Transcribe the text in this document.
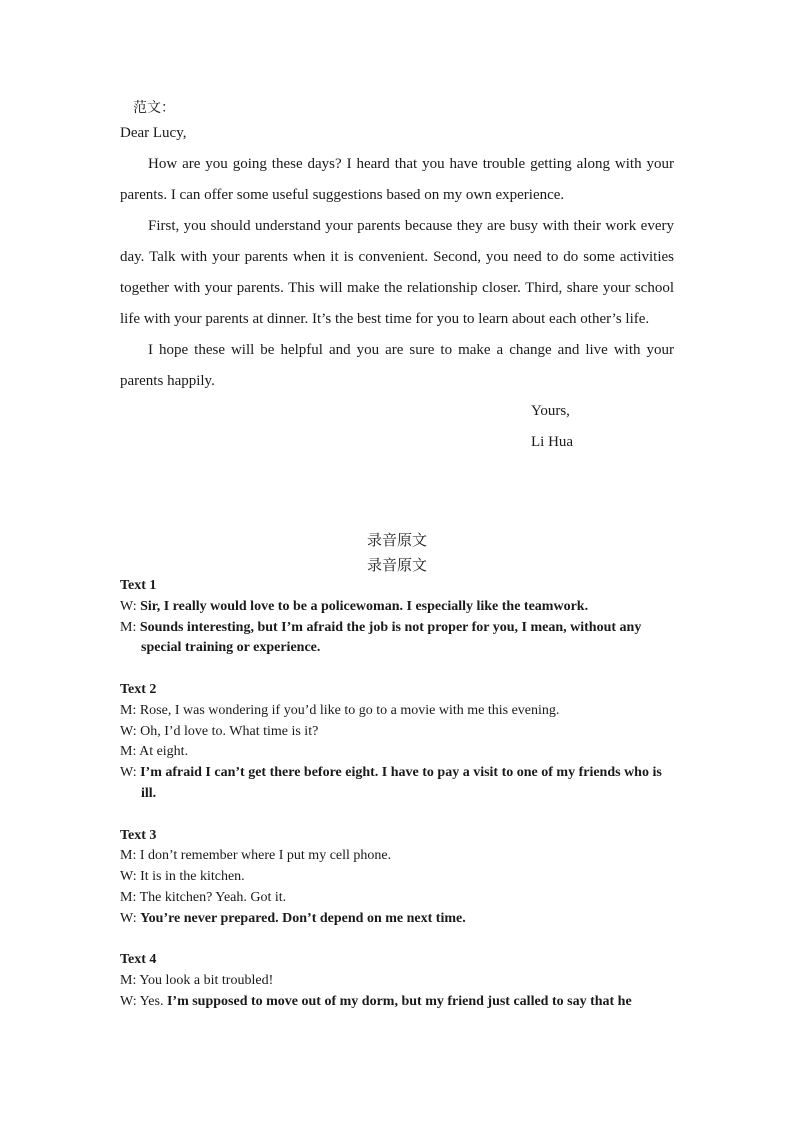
范文：

Dear Lucy,

How are you going these days? I heard that you have trouble getting along with your parents. I can offer some useful suggestions based on my own experience.

First, you should understand your parents because they are busy with their work every day. Talk with your parents when it is convenient. Second, you need to do some activities together with your parents. This will make the relationship closer. Third, share your school life with your parents at dinner. It’s the best time for you to learn about each other’s life.

I hope these will be helpful and you are sure to make a change and live with your parents happily.

Yours,
Li Hua
录音原文
录音原文
Text 1
W: Sir, I really would love to be a policewoman. I especially like the teamwork.
M: Sounds interesting, but I’m afraid the job is not proper for you, I mean, without any special training or experience.
Text 2
M: Rose, I was wondering if you’d like to go to a movie with me this evening.
W: Oh, I’d love to. What time is it?
M: At eight.
W: I’m afraid I can’t get there before eight. I have to pay a visit to one of my friends who is ill.
Text 3
M: I don’t remember where I put my cell phone.
W: It is in the kitchen.
M: The kitchen? Yeah. Got it.
W: You’re never prepared. Don’t depend on me next time.
Text 4
M: You look a bit troubled!
W: Yes. I’m supposed to move out of my dorm, but my friend just called to say that he
